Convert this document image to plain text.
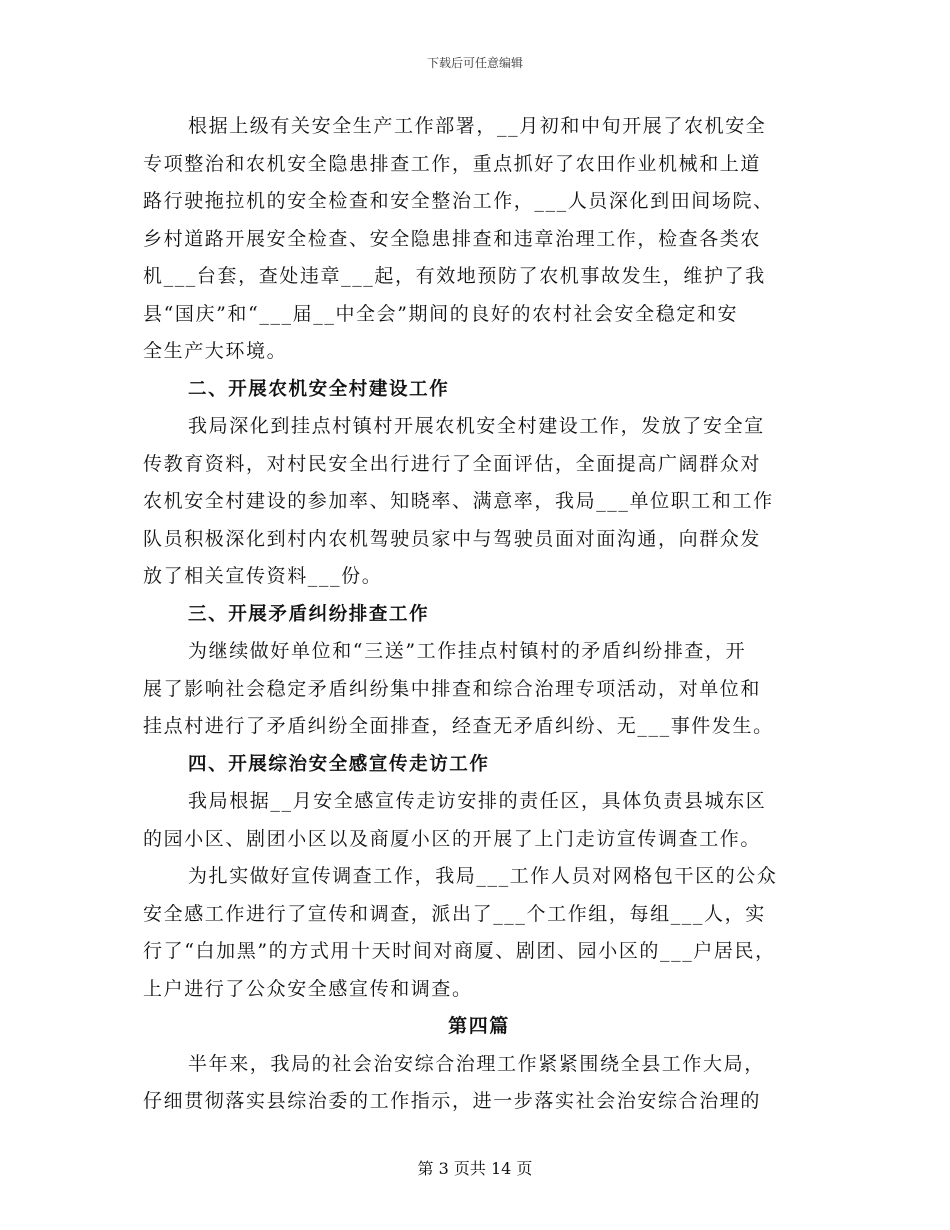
下载后可任意编辑
根据上级有关安全生产工作部署，__月初和中旬开展了农机安全
专项整治和农机安全隐患排查工作，重点抓好了农田作业机械和上道
路行驶拖拉机的安全检查和安全整治工作，___人员深化到田间场院、
乡村道路开展安全检查、安全隐患排查和违章治理工作，检查各类农
机___台套，查处违章___起，有效地预防了农机事故发生，维护了我
县“国庆”和“___届__中全会”期间的良好的农村社会安全稳定和安
全生产大环境。
二、开展农机安全村建设工作
我局深化到挂点村镇村开展农机安全村建设工作，发放了安全宣
传教育资料，对村民安全出行进行了全面评估，全面提高广阔群众对
农机安全村建设的参加率、知晓率、满意率，我局___单位职工和工作
队员积极深化到村内农机驾驶员家中与驾驶员面对面沟通，向群众发
放了相关宣传资料___份。
三、开展矛盾纠纷排查工作
为继续做好单位和“三送”工作挂点村镇村的矛盾纠纷排查，开
展了影响社会稳定矛盾纠纷集中排查和综合治理专项活动，对单位和
挂点村进行了矛盾纠纷全面排查，经查无矛盾纠纷、无___事件发生。
四、开展综治安全感宣传走访工作
我局根据__月安全感宣传走访安排的责任区，具体负责县城东区
的园小区、剧团小区以及商厦小区的开展了上门走访宣传调查工作。
为扎实做好宣传调查工作，我局___工作人员对网格包干区的公众
安全感工作进行了宣传和调查，派出了___个工作组，每组___人，实
行了“白加黑”的方式用十天时间对商厦、剧团、园小区的___户居民，
上户进行了公众安全感宣传和调查。
第四篇
半年来，我局的社会治安综合治理工作紧紧围绕全县工作大局，
仔细贯彻落实县综治委的工作指示，进一步落实社会治安综合治理的
第 3 页共 14 页
